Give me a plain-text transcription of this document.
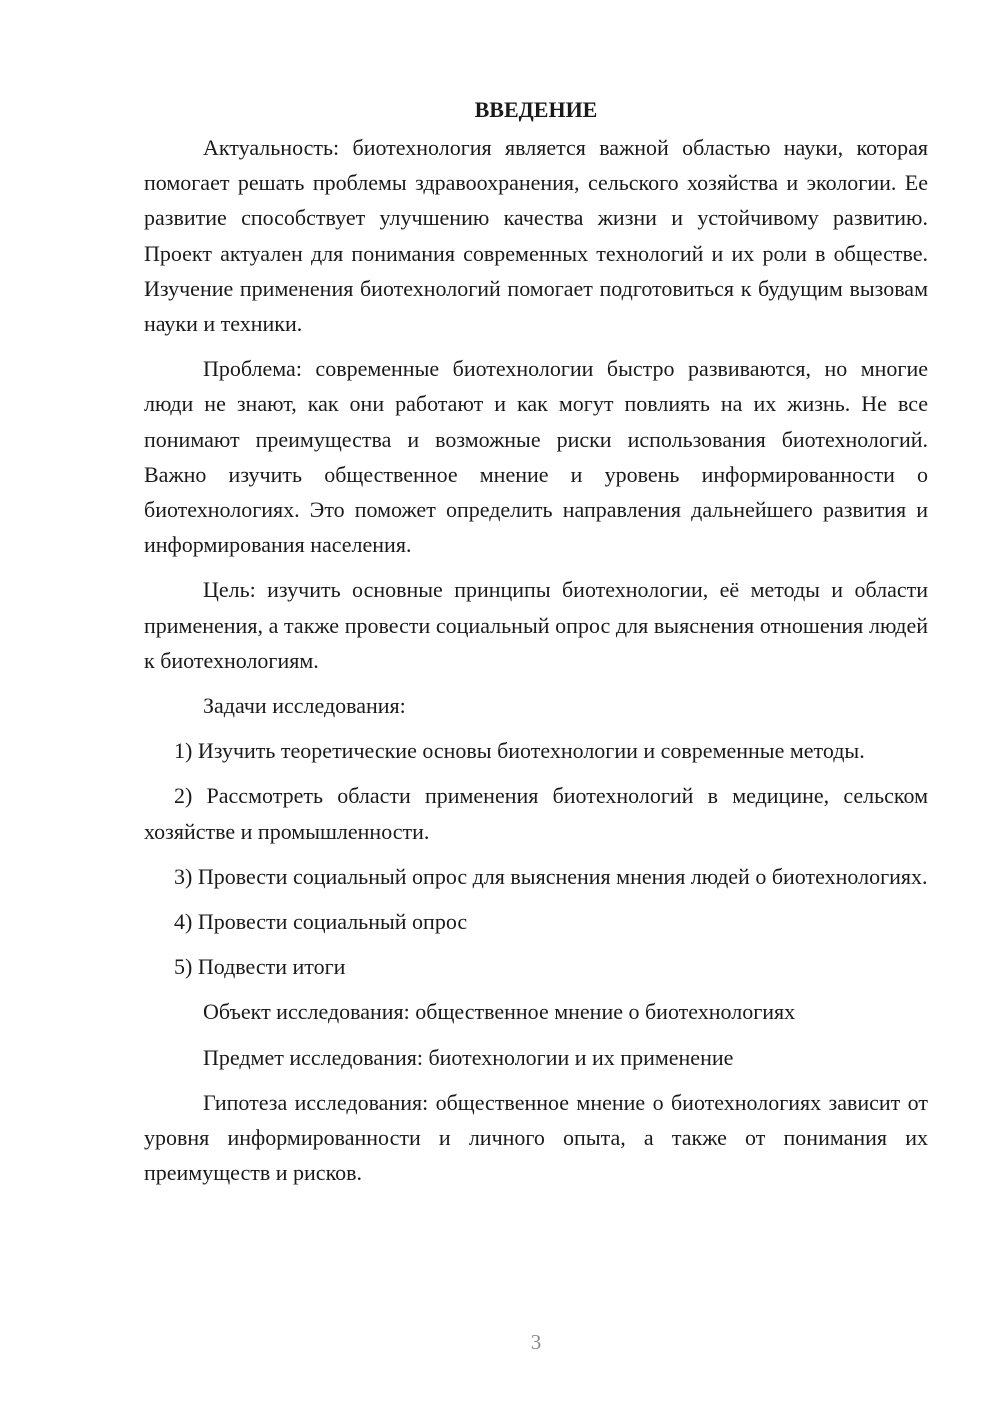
ВВЕДЕНИЕ

Актуальность: биотехнология является важной областью науки, которая помогает решать проблемы здравоохранения, сельского хозяйства и экологии. Ее развитие способствует улучшению качества жизни и устойчивому развитию. Проект актуален для понимания современных технологий и их роли в обществе. Изучение применения биотехнологий помогает подготовиться к будущим вызовам науки и техники.

Проблема: современные биотехнологии быстро развиваются, но многие люди не знают, как они работают и как могут повлиять на их жизнь. Не все понимают преимущества и возможные риски использования биотехнологий. Важно изучить общественное мнение и уровень информированности о биотехнологиях. Это поможет определить направления дальнейшего развития и информирования населения.

Цель: изучить основные принципы биотехнологии, её методы и области применения, а также провести социальный опрос для выяснения отношения людей к биотехнологиям.

Задачи исследования:

1) Изучить теоретические основы биотехнологии и современные методы.

2) Рассмотреть области применения биотехнологий в медицине, сельском хозяйстве и промышленности.

3) Провести социальный опрос для выяснения мнения людей о биотехнологиях.

4) Провести социальный опрос

5) Подвести итоги

Объект исследования: общественное мнение о биотехнологиях

Предмет исследования: биотехнологии и их применение

Гипотеза исследования: общественное мнение о биотехнологиях зависит от уровня информированности и личного опыта, а также от понимания их преимуществ и рисков.

3
